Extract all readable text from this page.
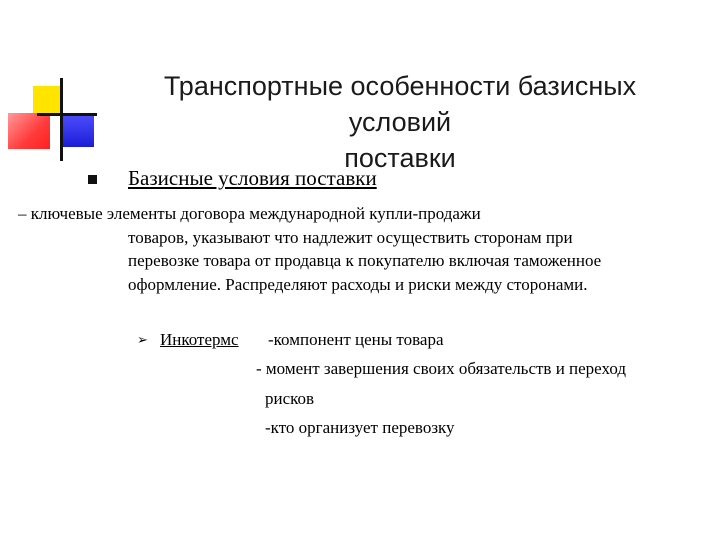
Транспортные особенности базисных условий
поставки
Базисные условия поставки
– ключевые элементы договора международной купли-продажи
товаров, указывают что надлежит осуществить сторонам при
перевозке товара от продавца к покупателю включая таможенное
оформление. Распределяют расходы и риски между сторонами.
➢ Инкотермс -компонент цены товара
- момент завершения своих обязательств и переход
рисков
-кто организует перевозку
